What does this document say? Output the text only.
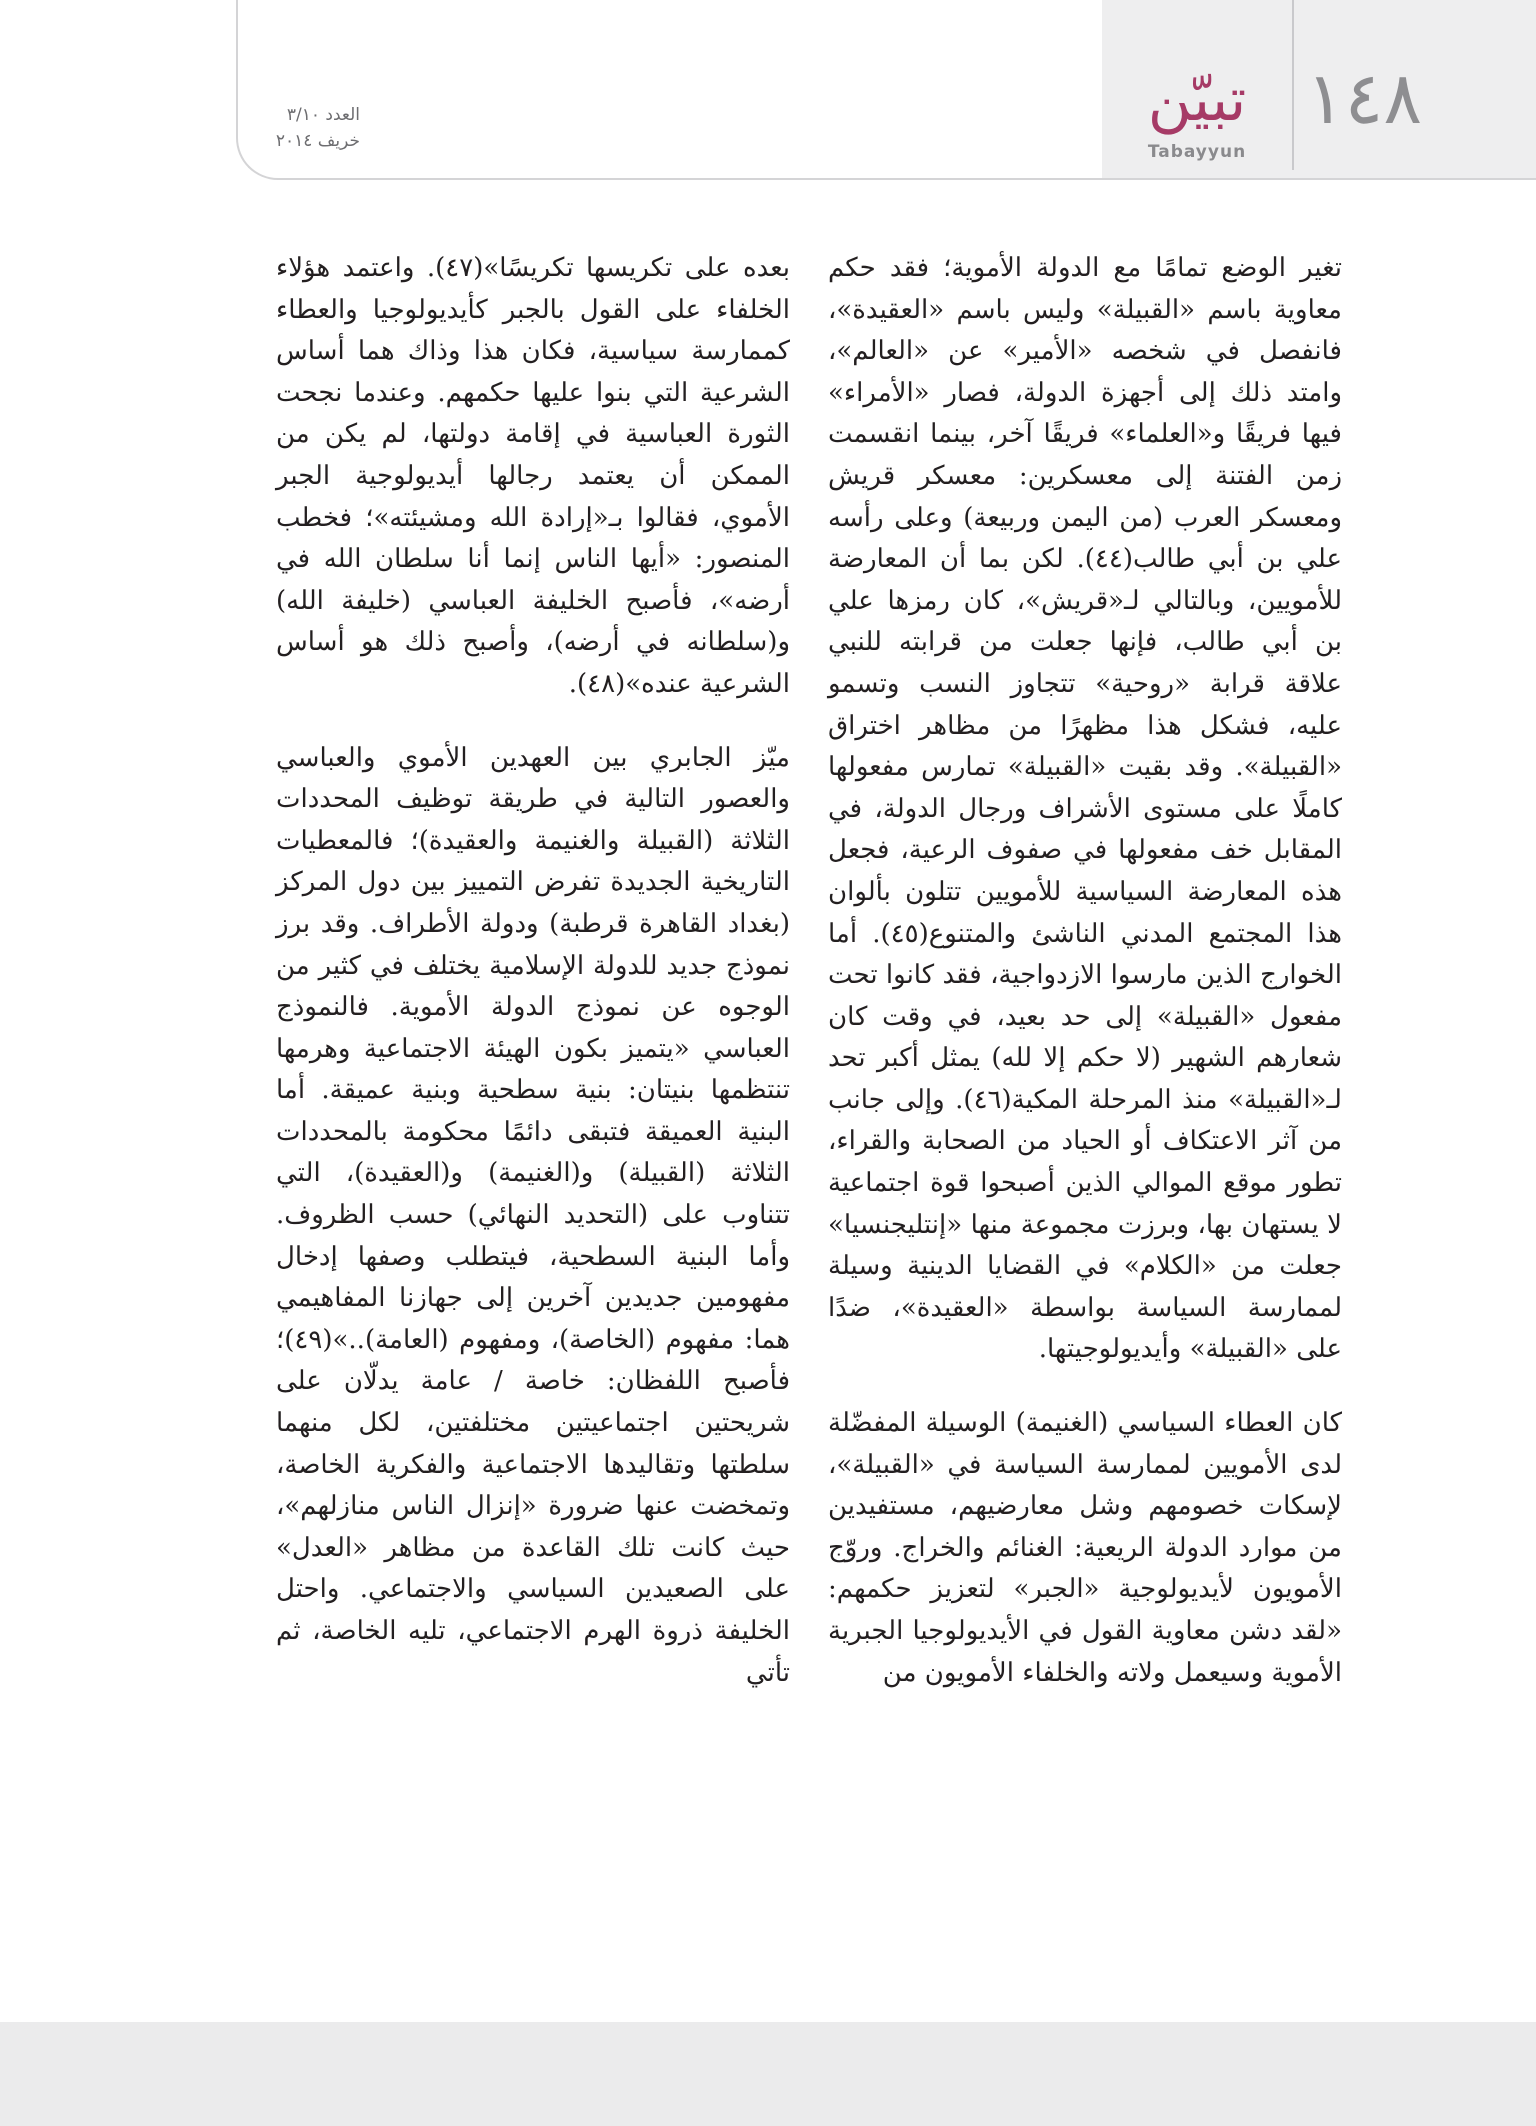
١٤٨
تبيّن
Tabayyun
العدد ٣/١٠
خريف ٢٠١٤

تغير الوضع تمامًا مع الدولة الأموية؛ فقد حكم معاوية باسم «القبيلة» وليس باسم «العقيدة»، فانفصل في شخصه «الأمير» عن «العالم»، وامتد ذلك إلى أجهزة الدولة، فصار «الأمراء» فيها فريقًا و«العلماء» فريقًا آخر، بينما انقسمت زمن الفتنة إلى معسكرين: معسكر قريش ومعسكر العرب (من اليمن وربيعة) وعلى رأسه علي بن أبي طالب(٤٤). لكن بما أن المعارضة للأمويين، وبالتالي لـ«قريش»، كان رمزها علي بن أبي طالب، فإنها جعلت من قرابته للنبي علاقة قرابة «روحية» تتجاوز النسب وتسمو عليه، فشكل هذا مظهرًا من مظاهر اختراق «القبيلة». وقد بقيت «القبيلة» تمارس مفعولها كاملًا على مستوى الأشراف ورجال الدولة، في المقابل خف مفعولها في صفوف الرعية، فجعل هذه المعارضة السياسية للأمويين تتلون بألوان هذا المجتمع المدني الناشئ والمتنوع(٤٥). أما الخوارج الذين مارسوا الازدواجية، فقد كانوا تحت مفعول «القبيلة» إلى حد بعيد، في وقت كان شعارهم الشهير (لا حكم إلا لله) يمثل أكبر تحد لـ«القبيلة» منذ المرحلة المكية(٤٦). وإلى جانب من آثر الاعتكاف أو الحياد من الصحابة والقراء، تطور موقع الموالي الذين أصبحوا قوة اجتماعية لا يستهان بها، وبرزت مجموعة منها «إنتليجنسيا» جعلت من «الكلام» في القضايا الدينية وسيلة لممارسة السياسة بواسطة «العقيدة»، ضدًا على «القبيلة» وأيديولوجيتها.

كان العطاء السياسي (الغنيمة) الوسيلة المفضّلة لدى الأمويين لممارسة السياسة في «القبيلة»، لإسكات خصومهم وشل معارضيهم، مستفيدين من موارد الدولة الريعية: الغنائم والخراج. وروّج الأمويون لأيديولوجية «الجبر» لتعزيز حكمهم: «لقد دشن معاوية القول في الأيديولوجيا الجبرية الأموية وسيعمل ولاته والخلفاء الأمويون من

بعده على تكريسها تكريسًا»(٤٧). واعتمد هؤلاء الخلفاء على القول بالجبر كأيديولوجيا والعطاء كممارسة سياسية، فكان هذا وذاك هما أساس الشرعية التي بنوا عليها حكمهم. وعندما نجحت الثورة العباسية في إقامة دولتها، لم يكن من الممكن أن يعتمد رجالها أيديولوجية الجبر الأموي، فقالوا بـ«إرادة الله ومشيئته»؛ فخطب المنصور: «أيها الناس إنما أنا سلطان الله في أرضه»، فأصبح الخليفة العباسي (خليفة الله) و(سلطانه في أرضه)، وأصبح ذلك هو أساس الشرعية عنده»(٤٨).

ميّز الجابري بين العهدين الأموي والعباسي والعصور التالية في طريقة توظيف المحددات الثلاثة (القبيلة والغنيمة والعقيدة)؛ فالمعطيات التاريخية الجديدة تفرض التمييز بين دول المركز (بغداد القاهرة قرطبة) ودولة الأطراف. وقد برز نموذج جديد للدولة الإسلامية يختلف في كثير من الوجوه عن نموذج الدولة الأموية. فالنموذج العباسي «يتميز بكون الهيئة الاجتماعية وهرمها تنتظمها بنيتان: بنية سطحية وبنية عميقة. أما البنية العميقة فتبقى دائمًا محكومة بالمحددات الثلاثة (القبيلة) و(الغنيمة) و(العقيدة)، التي تتناوب على (التحديد النهائي) حسب الظروف. وأما البنية السطحية، فيتطلب وصفها إدخال مفهومين جديدين آخرين إلى جهازنا المفاهيمي هما: مفهوم (الخاصة)، ومفهوم (العامة)..»(٤٩)؛ فأصبح اللفظان: خاصة / عامة يدلّان على شريحتين اجتماعيتين مختلفتين، لكل منهما سلطتها وتقاليدها الاجتماعية والفكرية الخاصة، وتمخضت عنها ضرورة «إنزال الناس منازلهم»، حيث كانت تلك القاعدة من مظاهر «العدل» على الصعيدين السياسي والاجتماعي. واحتل الخليفة ذروة الهرم الاجتماعي، تليه الخاصة، ثم تأتي
